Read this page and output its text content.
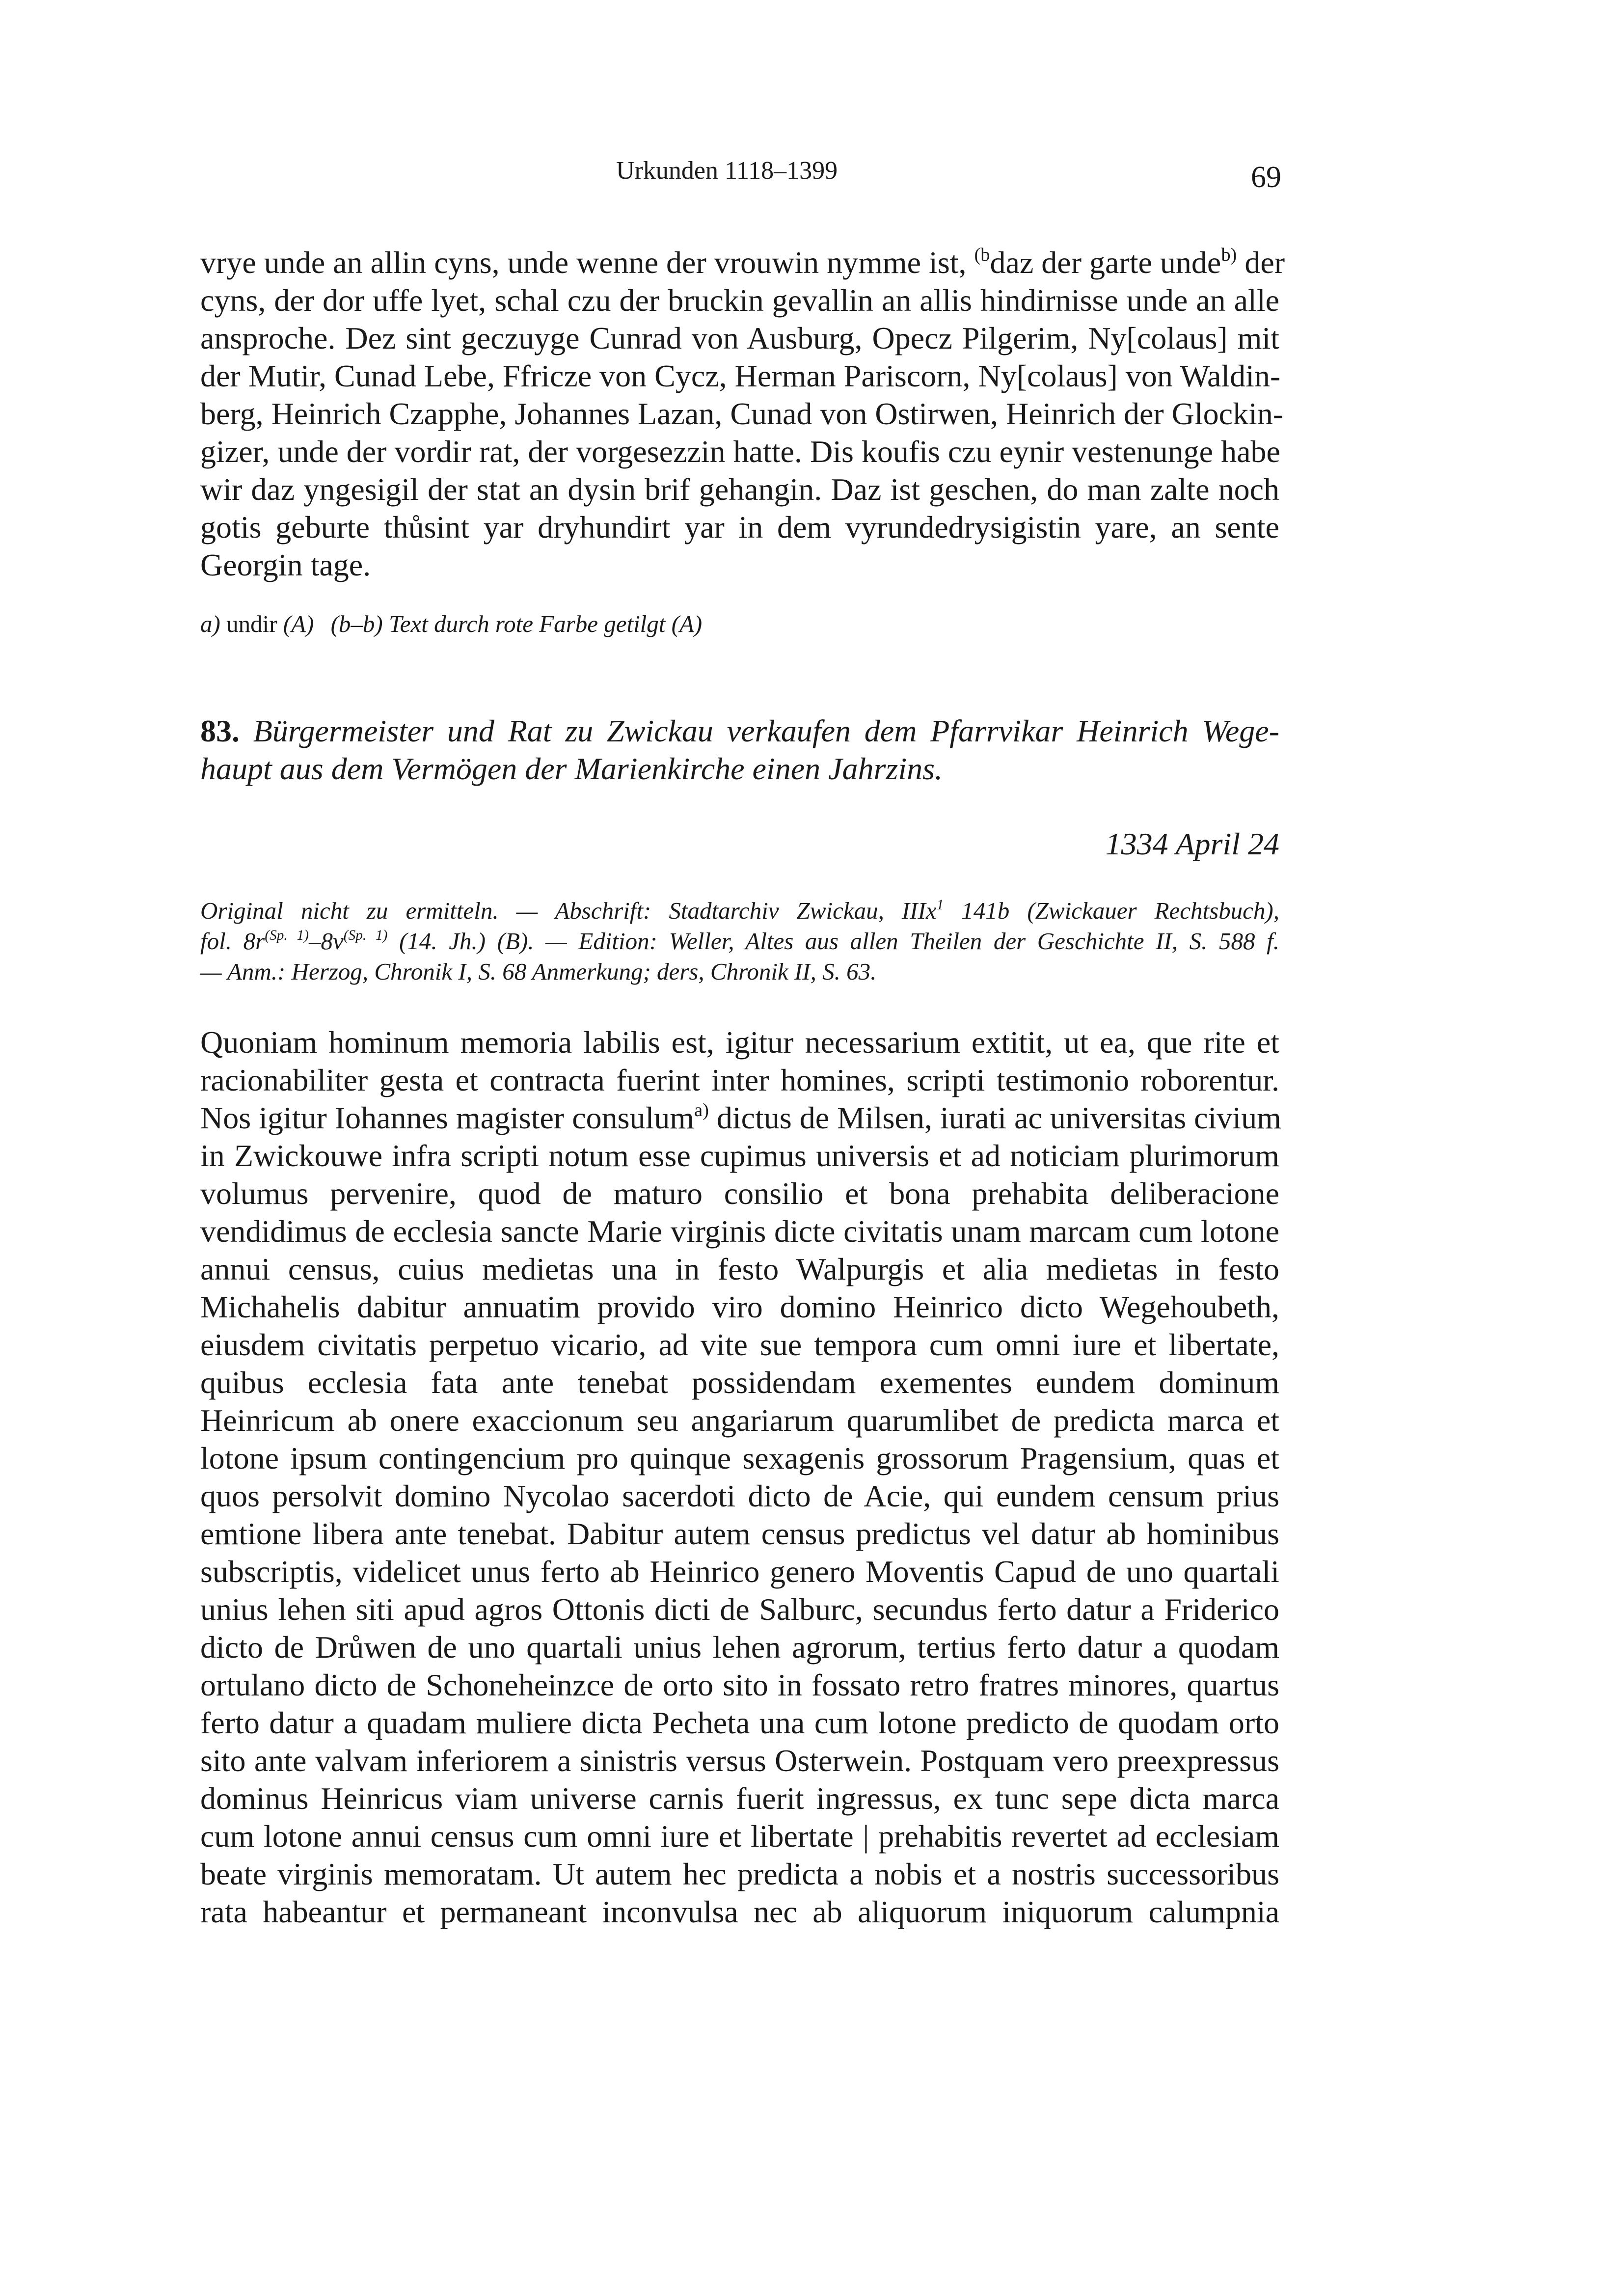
Urkunden 1118–1399	69
vrye unde an allin cyns, unde wenne der vrouwin nymme ist, $^{(b}$daz der garte unde$^{b)}$ der
cyns, der dor uffe lyet, schal czu der bruckin gevallin an allis hindirnisse unde an alle
ansproche. Dez sint geczuyge Cunrad von Ausburg, Opecz Pilgerim, Ny[colaus] mit
der Mutir, Cunad Lebe, Ffricze von Cycz, Herman Pariscorn, Ny[colaus] von Waldin-
berg, Heinrich Czapphe, Johannes Lazan, Cunad von Ostirwen, Heinrich der Glockin-
gizer, unde der vordir rat, der vorgesezzin hatte. Dis koufis czu eynir vestenunge habe
wir daz yngesigil der stat an dysin brif gehangin. Daz ist geschen, do man zalte noch
gotis geburte thůsint yar dryhundirt yar in dem vyrundedrysigistin yare, an sente
Georgin tage.
a) undir (A) (b–b) Text durch rote Farbe getilgt (A)
83. Bürgermeister und Rat zu Zwickau verkaufen dem Pfarrvikar Heinrich Wege-
haupt aus dem Vermögen der Marienkirche einen Jahrzins.
1334 April 24
Original nicht zu ermitteln. — Abschrift: Stadtarchiv Zwickau, IIIx$^1$ 141b (Zwickauer Rechtsbuch),
fol. $8r^{(Sp. 1)}-8v^{(Sp. 1)}$ (14. Jh.) (B). — Edition: Weller, Altes aus allen Theilen der Geschichte II, S. 588 f.
— Anm.: Herzog, Chronik I, S. 68 Anmerkung; ders, Chronik II, S. 63.
Quoniam hominum memoria labilis est, igitur necessarium extitit, ut ea, que rite et
racionabiliter gesta et contracta fuerint inter homines, scripti testimonio roborentur.
Nos igitur Iohannes magister consulum$^{a)}$ dictus de Milsen, iurati ac universitas civium
in Zwickouwe infra scripti notum esse cupimus universis et ad noticiam plurimorum
volumus pervenire, quod de maturo consilio et bona prehabita deliberacione
vendidimus de ecclesia sancte Marie virginis dicte civitatis unam marcam cum lotone
annui census, cuius medietas una in festo Walpurgis et alia medietas in festo
Michahelis dabitur annuatim provido viro domino Heinrico dicto Wegehoubeth,
eiusdem civitatis perpetuo vicario, ad vite sue tempora cum omni iure et libertate,
quibus ecclesia fata ante tenebat possidendam exementes eundem dominum
Heinricum ab onere exaccionum seu angariarum quarumlibet de predicta marca et
lotone ipsum contingencium pro quinque sexagenis grossorum Pragensium, quas et
quos persolvit domino Nycolao sacerdoti dicto de Acie, qui eundem censum prius
emtione libera ante tenebat. Dabitur autem census predictus vel datur ab hominibus
subscriptis, videlicet unus ferto ab Heinrico genero Moventis Capud de uno quartali
unius lehen siti apud agros Ottonis dicti de Salburc, secundus ferto datur a Friderico
dicto de Drůwen de uno quartali unius lehen agrorum, tertius ferto datur a quodam
ortulano dicto de Schoneheinzce de orto sito in fossato retro fratres minores, quartus
ferto datur a quadam muliere dicta Pecheta una cum lotone predicto de quodam orto
sito ante valvam inferiorem a sinistris versus Osterwein. Postquam vero preexpressus
dominus Heinricus viam universe carnis fuerit ingressus, ex tunc sepe dicta marca
cum lotone annui census cum omni iure et libertate | prehabitis revertet ad ecclesiam
beate virginis memoratam. Ut autem hec predicta a nobis et a nostris successoribus
rata habeantur et permaneant inconvulsa nec ab aliquorum iniquorum calumpnia
